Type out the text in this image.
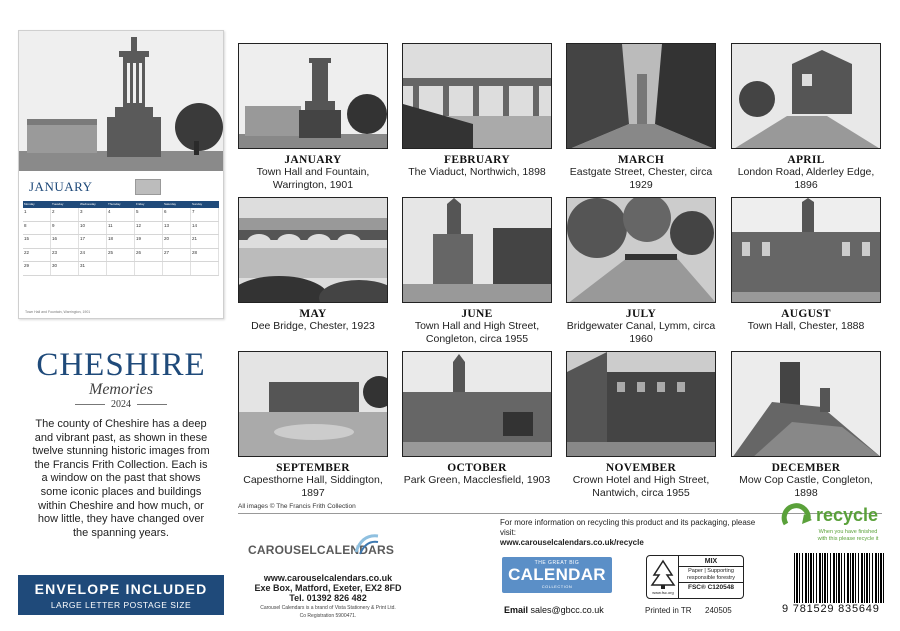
JANUARY
Monday	Tuesday	Wednesday	Thursday	Friday	Saturday	Sunday
1	2	3	4	5	6	7
8	9	10	11	12	13	14
15	16	17	18	19	20	21
22	23	24	25	26	27	28
29	30	31
Town Hall and Fountain, Warrington, 1901
CHESHIRE
Memories
2024
The county of Cheshire has a deep and vibrant past, as shown in these twelve stunning historic images from the Francis Frith Collection. Each is a window on the past that shows some iconic places and buildings within Cheshire and how much, or how little, they have changed over the spanning years.
ENVELOPE INCLUDED
LARGE LETTER POSTAGE SIZE
JANUARY
Town Hall and Fountain, Warrington, 1901
FEBRUARY
The Viaduct, Northwich, 1898
MARCH
Eastgate Street, Chester, circa 1929
APRIL
London Road, Alderley Edge, 1896
MAY
Dee Bridge, Chester, 1923
JUNE
Town Hall and High Street, Congleton, circa 1955
JULY
Bridgewater Canal, Lymm, circa 1960
AUGUST
Town Hall, Chester, 1888
SEPTEMBER
Capesthorne Hall, Siddington, 1897
OCTOBER
Park Green, Macclesfield, 1903
NOVEMBER
Crown Hotel and High Street, Nantwich, circa 1955
DECEMBER
Mow Cop Castle, Congleton, 1898
All images © The Francis Frith Collection
CAROUSELCALENDARS
www.carouselcalendars.co.uk
Exe Box, Matford, Exeter, EX2 8FD
Tel. 01392 826 482
Carousel Calendars is a brand of Vista Stationery & Print Ltd.
Co Registration 5900471.
For more information on recycling this product and its packaging, please visit:
www.carouselcalendars.co.uk/recycle
THE GREAT BIG
CALENDAR
COLLECTION
www.fsc.org
MIX
Paper | Supporting
responsible forestry
FSC® C120548
Email sales@gbcc.co.uk	Printed in TR 240505
recycle
When you have finished
with this please recycle it
9 781529 835649
